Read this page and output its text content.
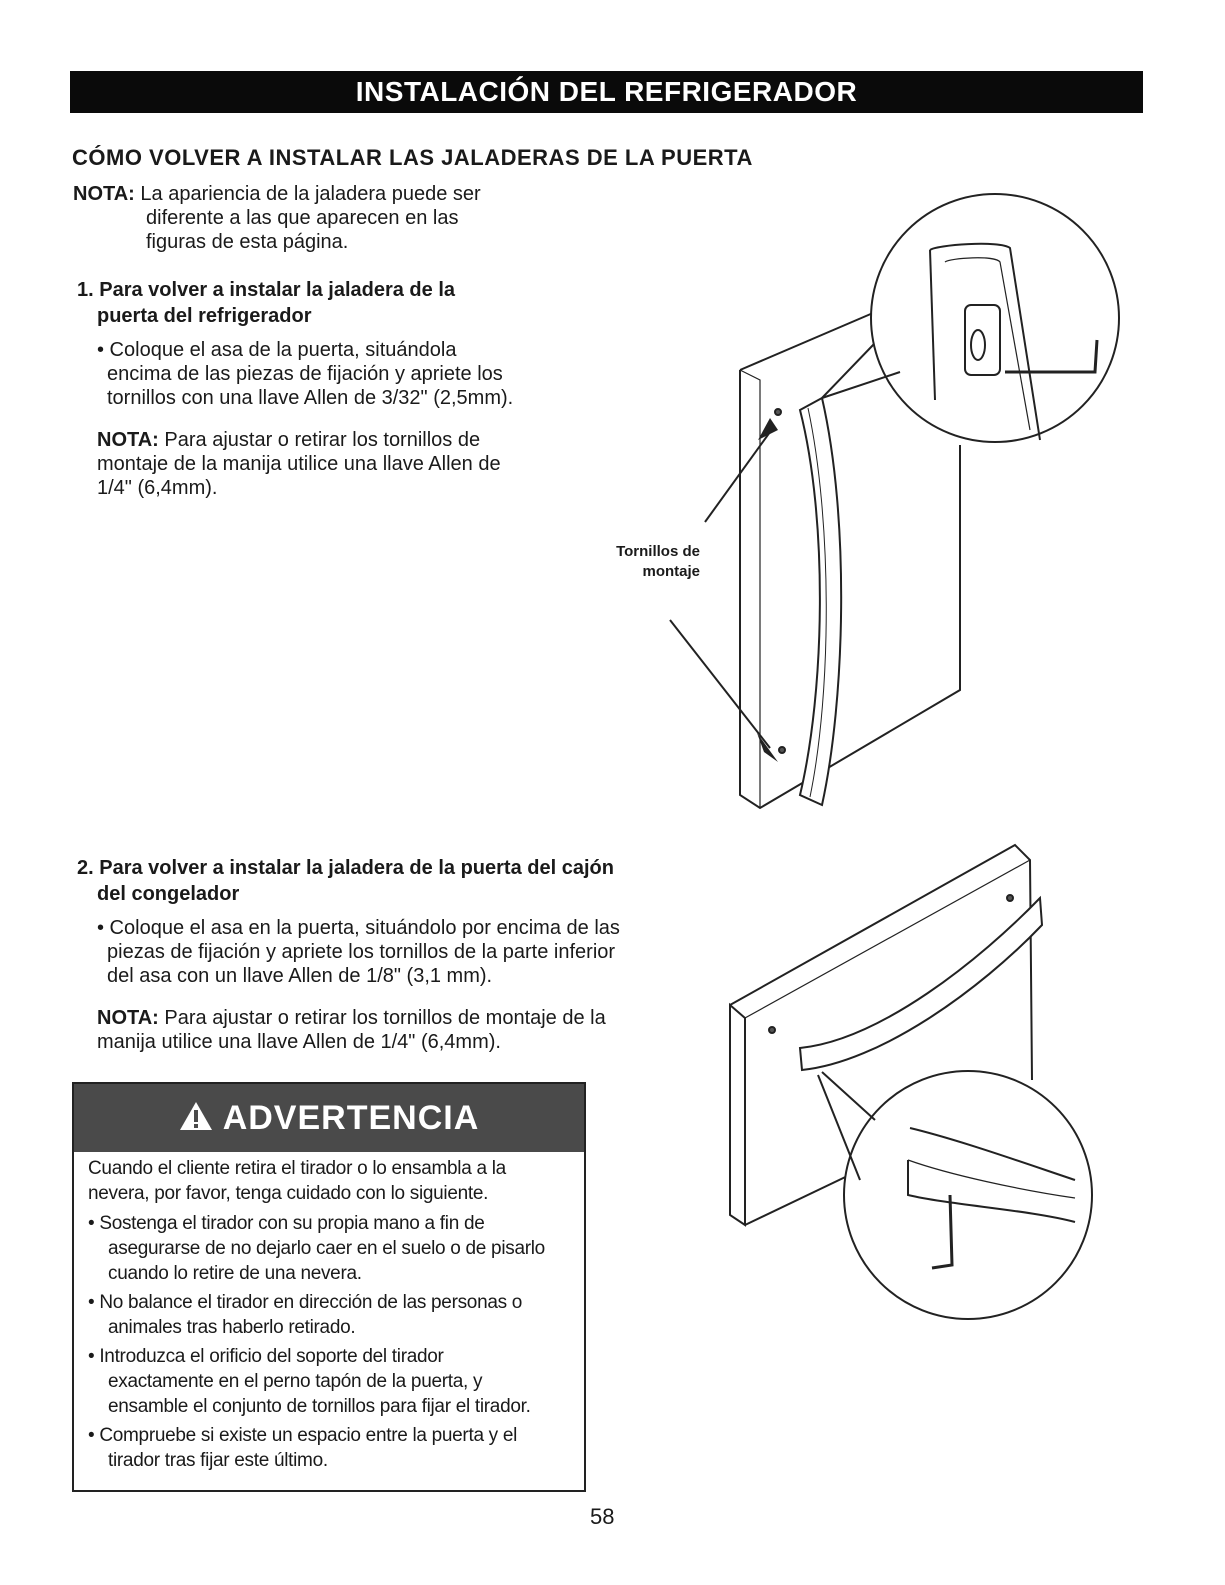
INSTALACIÓN DEL REFRIGERADOR
CÓMO VOLVER A INSTALAR LAS JALADERAS DE LA PUERTA
NOTA: La apariencia de la jaladera puede ser
diferente a las que aparecen en las
figuras de esta página.
1. Para volver a instalar la jaladera de la
puerta del refrigerador
• Coloque el asa de la puerta, situándola
encima de las piezas de fijación y apriete los
tornillos con una llave Allen de 3/32" (2,5mm).
NOTA: Para ajustar o retirar los tornillos de
montaje de la manija utilice una llave Allen de
1/4" (6,4mm).
Tornillos de
montaje
2. Para volver a instalar la jaladera de la puerta del cajón
del congelador
• Coloque el asa en la puerta, situándolo por encima de las
piezas de fijación y apriete los tornillos de la parte inferior
del asa con un llave Allen de 1/8" (3,1 mm).
NOTA: Para ajustar o retirar los tornillos de montaje de la
manija utilice una llave Allen de 1/4" (6,4mm).
ADVERTENCIA

Cuando el cliente retira el tirador o lo ensambla a la
nevera, por favor, tenga cuidado con lo siguiente.

• Sostenga el tirador con su propia mano a fin de
asegurarse de no dejarlo caer en el suelo o de pisarlo
cuando lo retire de una nevera.

• No balance el tirador en dirección de las personas o
animales tras haberlo retirado.

• Introduzca el orificio del soporte del tirador
exactamente en el perno tapón de la puerta, y
ensamble el conjunto de tornillos para fijar el tirador.

• Compruebe si existe un espacio entre la puerta y el
tirador tras fijar este último.

58
